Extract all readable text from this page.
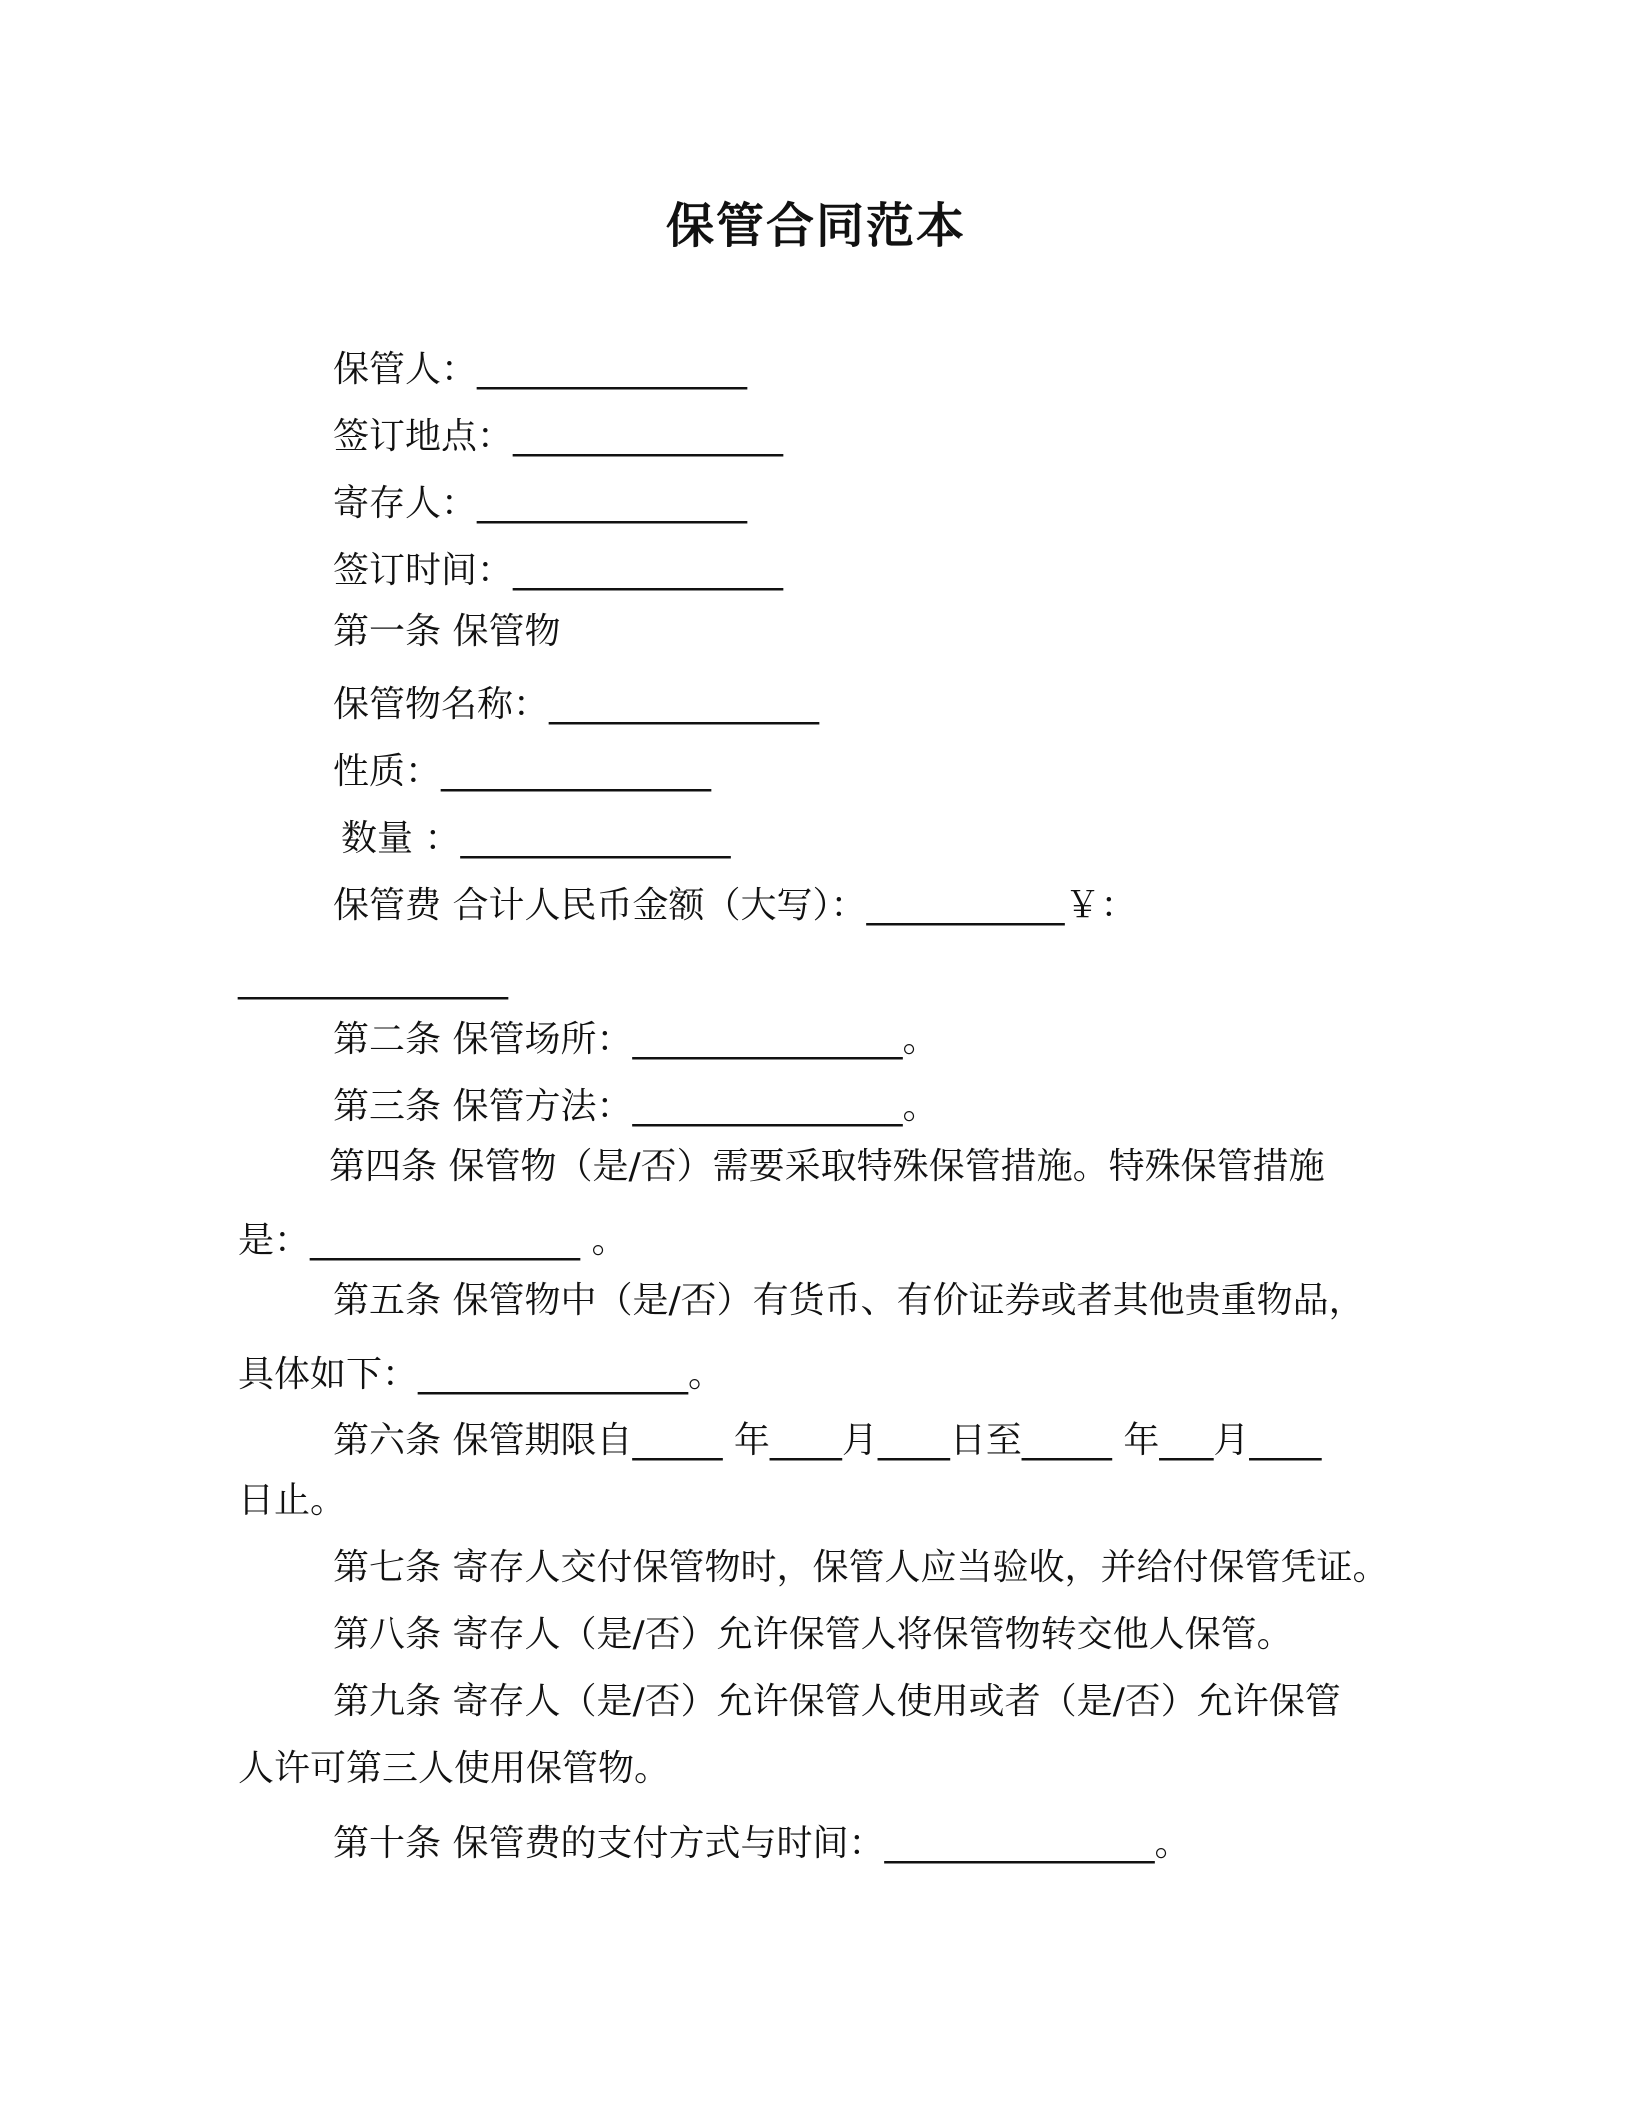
保管合同范本

保管人：_______________

签订地点：_______________

寄存人：_______________

签订时间：_______________

第一条 保管物

保管物名称：_______________

性质：_______________

数量 ：_______________

保管费 合计人民币金额（大写）：___________￥：

_______________

第二条 保管场所：_______________。

第三条 保管方法：_______________。

第四条 保管物（是/否）需要采取特殊保管措施。特殊保管措施

是：_______________ 。

第五条 保管物中（是/否）有货币、有价证券或者其他贵重物品，

具体如下：_______________。

第六条 保管期限自_____ 年____月____日至_____ 年___月____

日止。

第七条 寄存人交付保管物时，保管人应当验收，并给付保管凭证。

第八条 寄存人（是/否）允许保管人将保管物转交他人保管。

第九条 寄存人（是/否）允许保管人使用或者（是/否）允许保管

人许可第三人使用保管物。

第十条 保管费的支付方式与时间：_______________。
